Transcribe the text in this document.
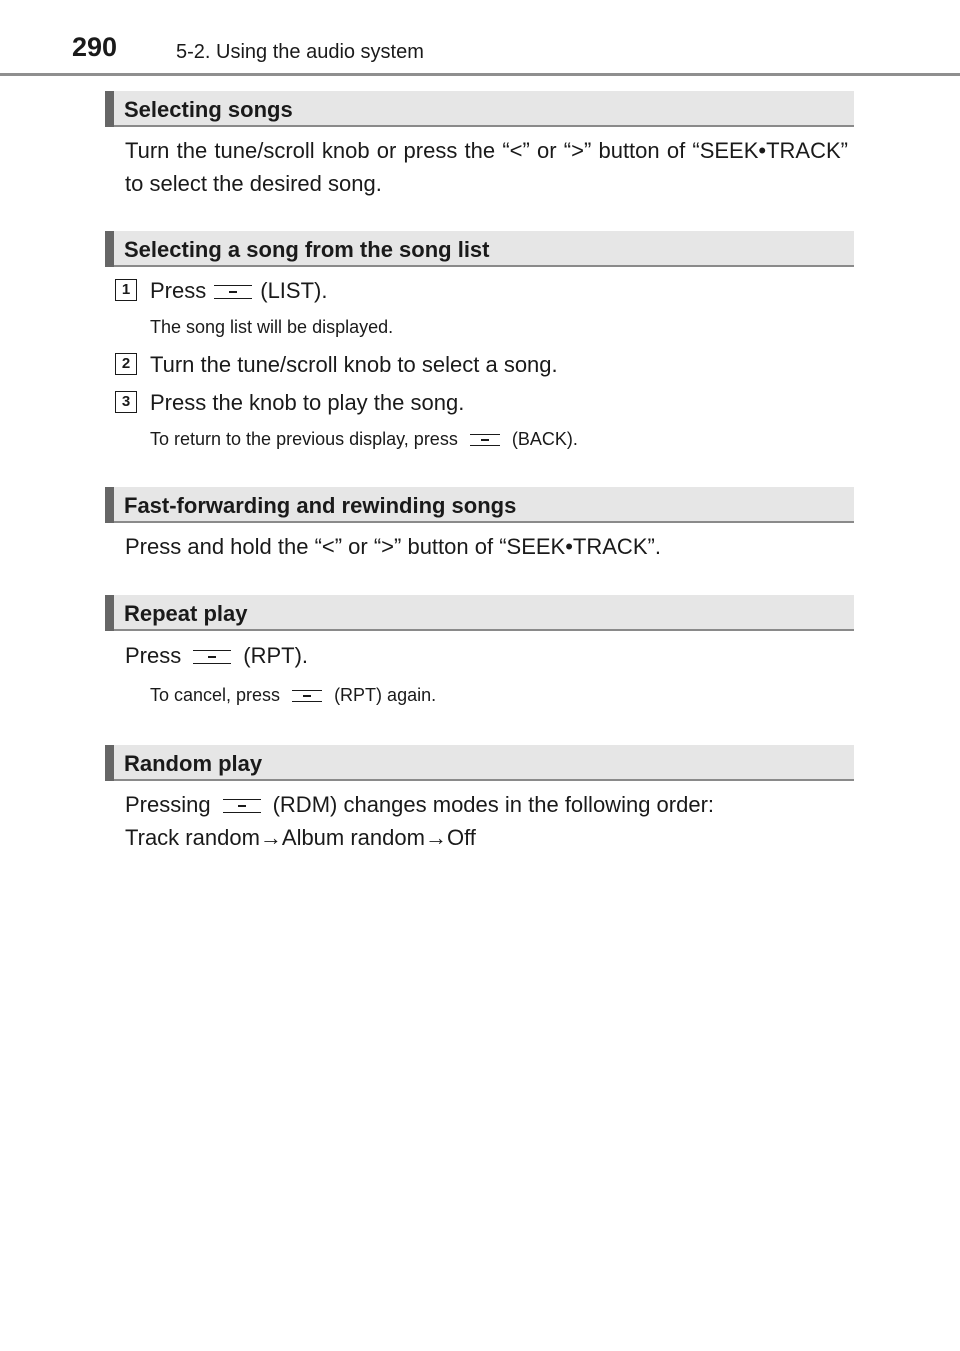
290	5-2. Using the audio system
Selecting songs
Turn the tune/scroll knob or press the “<” or “>” button of “SEEK•TRACK” to select the desired song.
Selecting a song from the song list
1 Press (LIST).
The song list will be displayed.
2 Turn the tune/scroll knob to select a song.
3 Press the knob to play the song.
To return to the previous display, press	(BACK).
Fast-forwarding and rewinding songs
Press and hold the “<” or “>” button of “SEEK•TRACK”.
Repeat play
Press	(RPT).
To cancel, press	(RPT) again.
Random play
Pressing	(RDM) changes modes in the following order:
Track random→Album random→Off
